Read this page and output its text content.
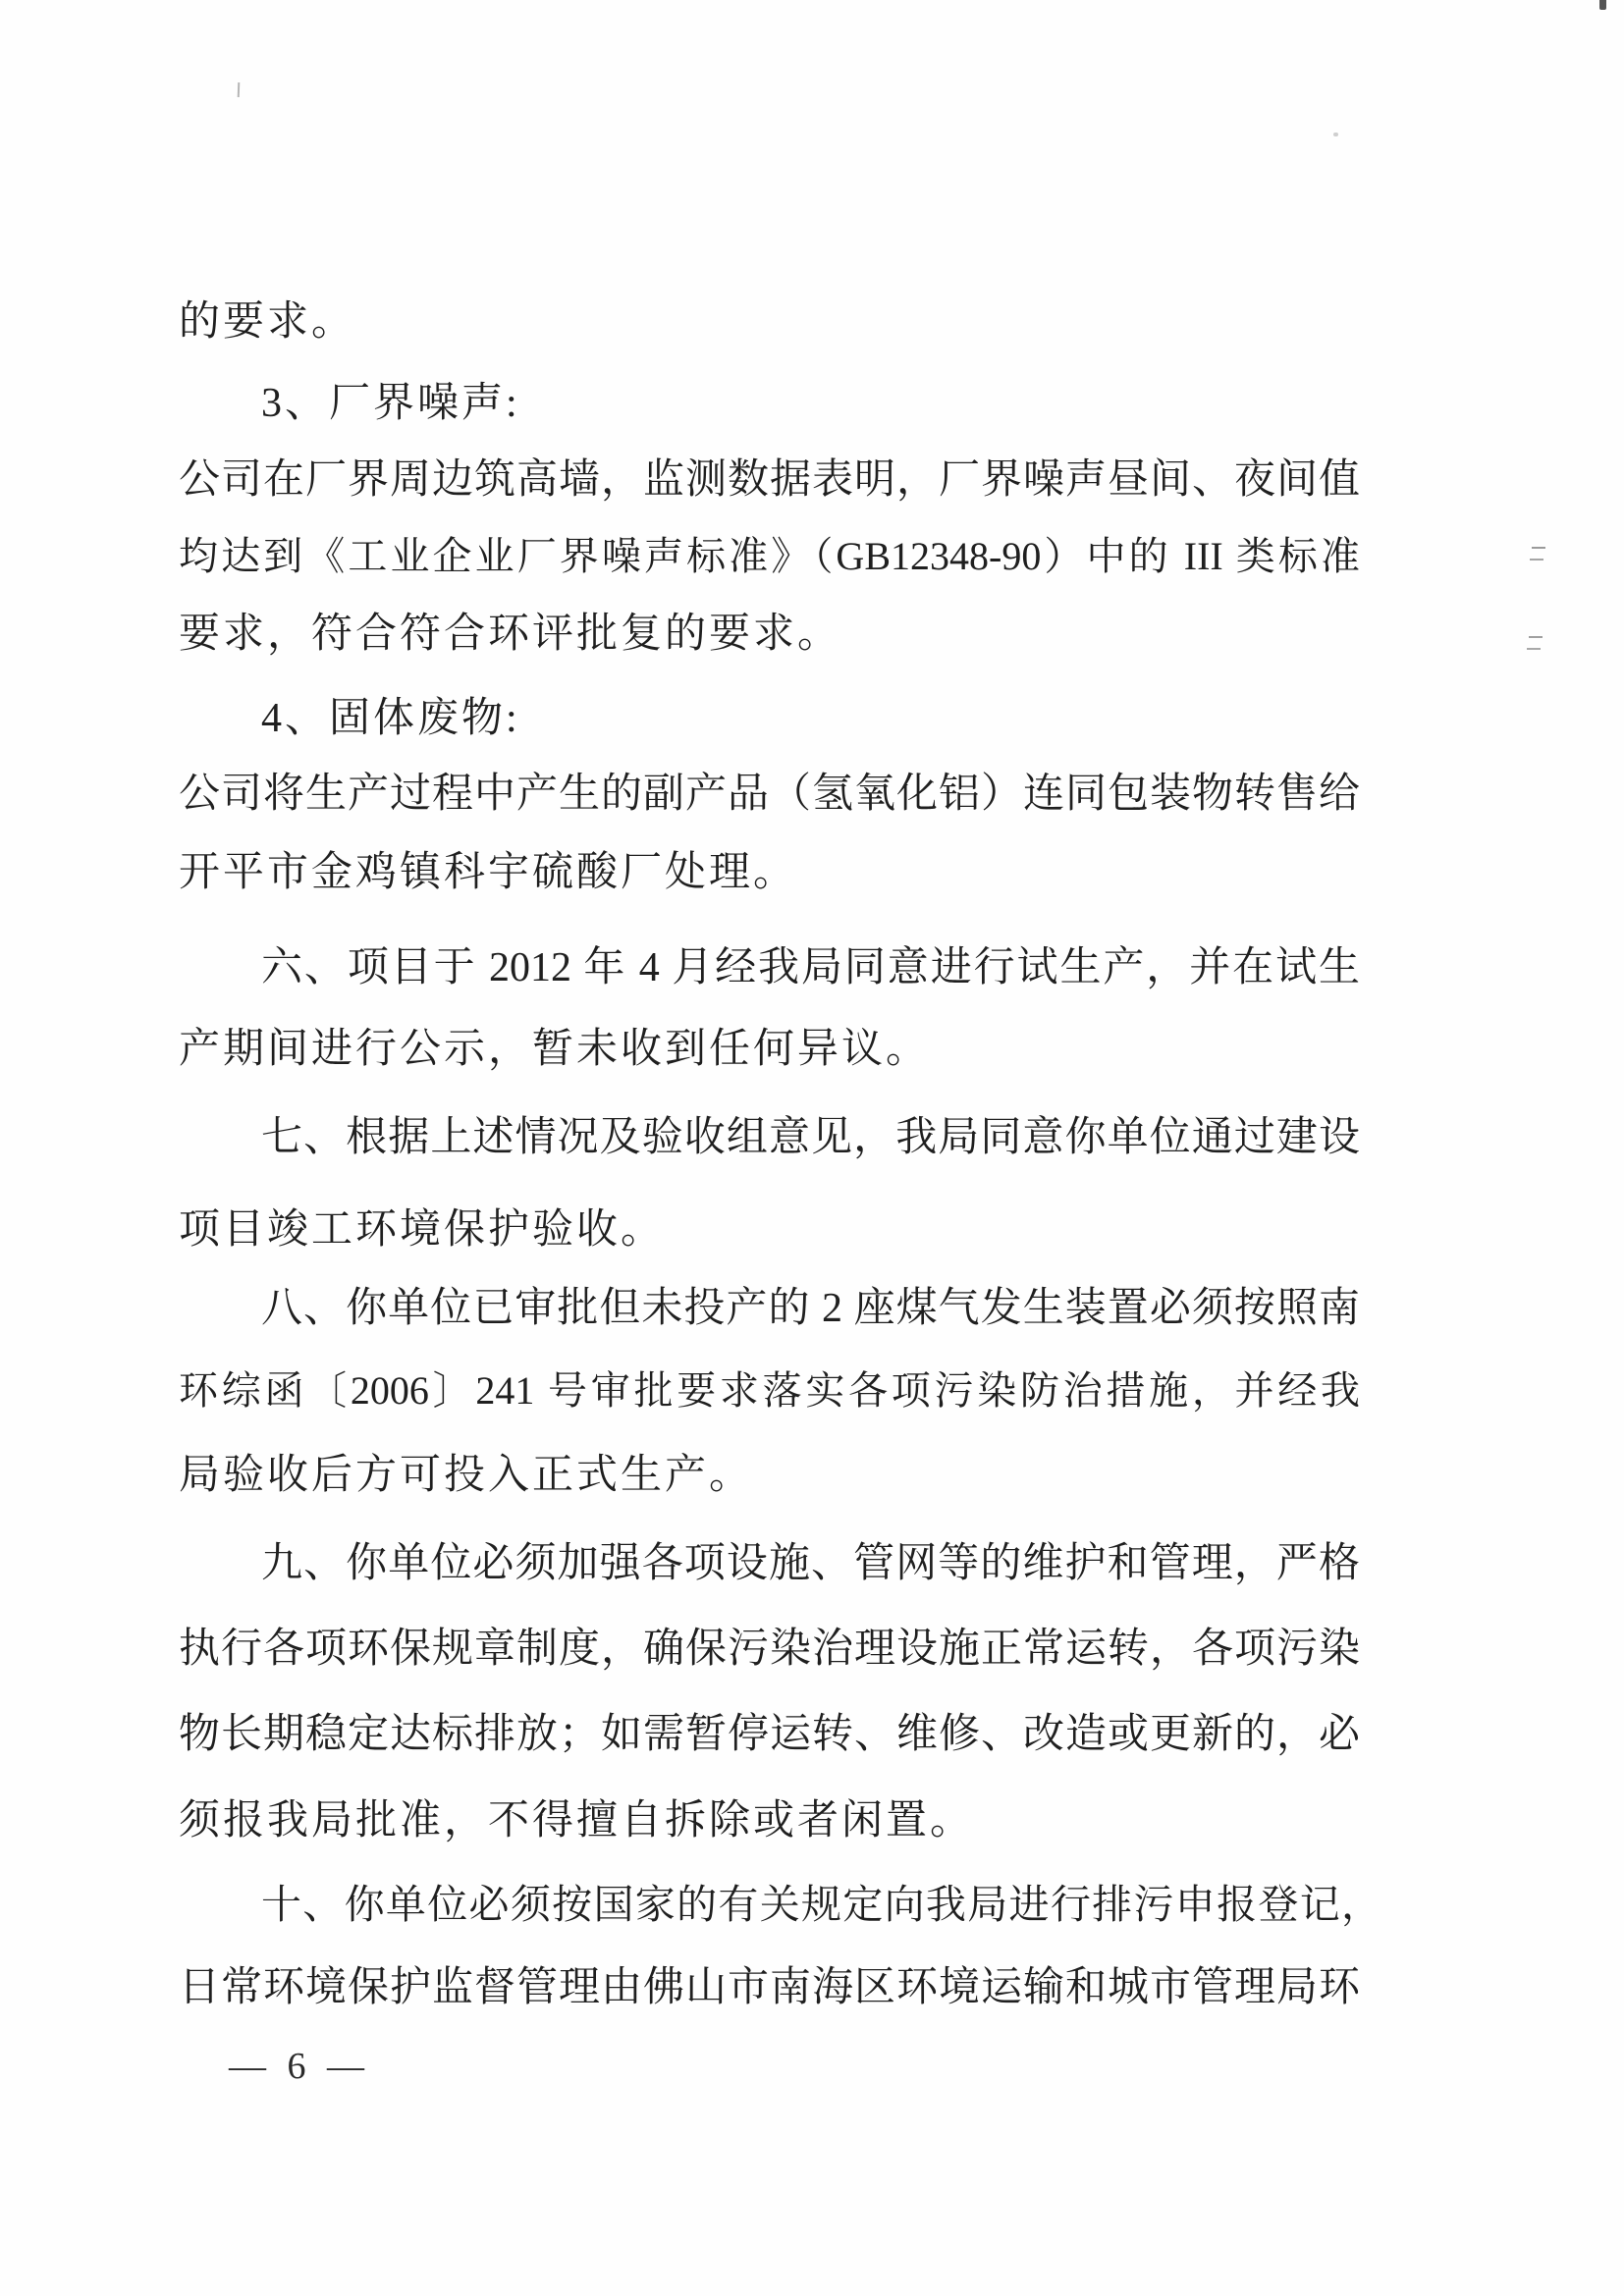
的要求。
3、厂界噪声:
公司在厂界周边筑高墙，监测数据表明，厂界噪声昼间、夜间值
均达到《工业企业厂界噪声标准》（GB12348-90）中的 III 类标准
要求，符合符合环评批复的要求。
4、固体废物:
公司将生产过程中产生的副产品（氢氧化铝）连同包装物转售给
开平市金鸡镇科宇硫酸厂处理。
六、项目于 2012 年 4 月经我局同意进行试生产，并在试生
产期间进行公示，暂未收到任何异议。
七、根据上述情况及验收组意见，我局同意你单位通过建设
项目竣工环境保护验收。
八、你单位已审批但未投产的 2 座煤气发生装置必须按照南
环综函〔2006〕241 号审批要求落实各项污染防治措施，并经我
局验收后方可投入正式生产。
九、你单位必须加强各项设施、管网等的维护和管理，严格
执行各项环保规章制度，确保污染治理设施正常运转，各项污染
物长期稳定达标排放；如需暂停运转、维修、改造或更新的，必
须报我局批准，不得擅自拆除或者闲置。
十、你单位必须按国家的有关规定向我局进行排污申报登记，
日常环境保护监督管理由佛山市南海区环境运输和城市管理局环
— 6 —
